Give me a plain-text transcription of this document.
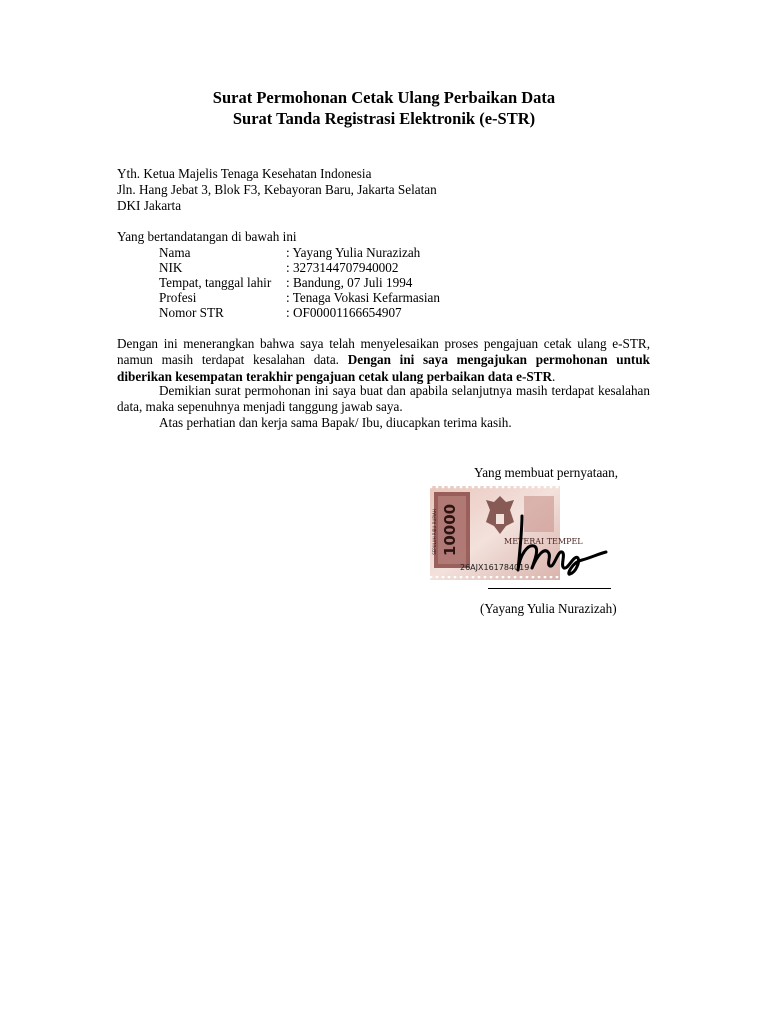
Surat Permohonan Cetak Ulang Perbaikan Data
Surat Tanda Registrasi Elektronik (e-STR)
Yth. Ketua Majelis Tenaga Kesehatan Indonesia
Jln. Hang Jebat 3, Blok F3, Kebayoran Baru, Jakarta Selatan
DKI Jakarta
Yang bertandatangan di bawah ini
Nama	: Yayang Yulia Nurazizah
NIK	: 3273144707940002
Tempat, tanggal lahir : Bandung, 07 Juli 1994
Profesi	: Tenaga Vokasi Kefarmasian
Nomor STR	: OF00001166654907
Dengan ini menerangkan bahwa saya telah menyelesaikan proses pengajuan cetak ulang e-STR, namun masih terdapat kesalahan data. Dengan ini saya mengajukan permohonan untuk diberikan kesempatan terakhir pengajuan cetak ulang perbaikan data e-STR.
Demikian surat permohonan ini saya buat dan apabila selanjutnya masih terdapat kesalahan data, maka sepenuhnya menjadi tanggung jawab saya.
Atas perhatian dan kerja sama Bapak/ Ibu, diucapkan terima kasih.
Yang membuat pernyataan,
10000
SEPULUH RIBU RUPIAH	METERAI TEMPEL
26AJX161784019
(Yayang Yulia Nurazizah)
